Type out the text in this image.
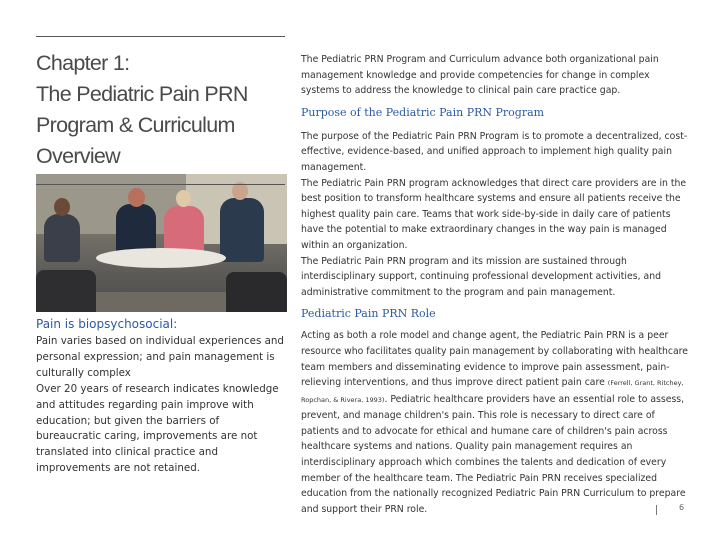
Chapter 1:
The Pediatric Pain PRN
Program & Curriculum
Overview
Pain is biopsychosocial:

Pain varies based on individual experiences and personal expression; and pain management is culturally complex

Over 20 years of research indicates knowledge and attitudes regarding pain improve with education; but given the barriers of bureaucratic caring, improvements are not translated into clinical practice and improvements are not retained.

The Pediatric PRN Program and Curriculum advance both organizational pain management knowledge and provide competencies for change in complex systems to address the knowledge to clinical pain care practice gap.

Purpose of the Pediatric Pain PRN Program

The purpose of the Pediatric Pain PRN Program is to promote a decentralized, cost-effective, evidence-based, and unified approach to implement high quality pain management.

The Pediatric Pain PRN program acknowledges that direct care providers are in the best position to transform healthcare systems and ensure all patients receive the highest quality pain care. Teams that work side-by-side in daily care of patients have the potential to make extraordinary changes in the way pain is managed within an organization.

The Pediatric Pain PRN program and its mission are sustained through interdisciplinary support, continuing professional development activities, and administrative commitment to the program and pain management.

Pediatric Pain PRN Role

Acting as both a role model and change agent, the Pediatric Pain PRN is a peer resource who facilitates quality pain management by collaborating with healthcare team members and disseminating evidence to improve pain assessment, pain-relieving interventions, and thus improve direct patient pain care (Ferrell, Grant, Ritchey, Ropchan, & Rivera, 1993). Pediatric healthcare providers have an essential role to assess, prevent, and manage children's pain. This role is necessary to direct care of patients and to advocate for ethical and humane care of children's pain across healthcare systems and nations. Quality pain management requires an interdisciplinary approach which combines the talents and dedication of every member of the healthcare team. The Pediatric Pain PRN receives specialized education from the nationally recognized Pediatric Pain PRN Curriculum to prepare and support their PRN role.	6
